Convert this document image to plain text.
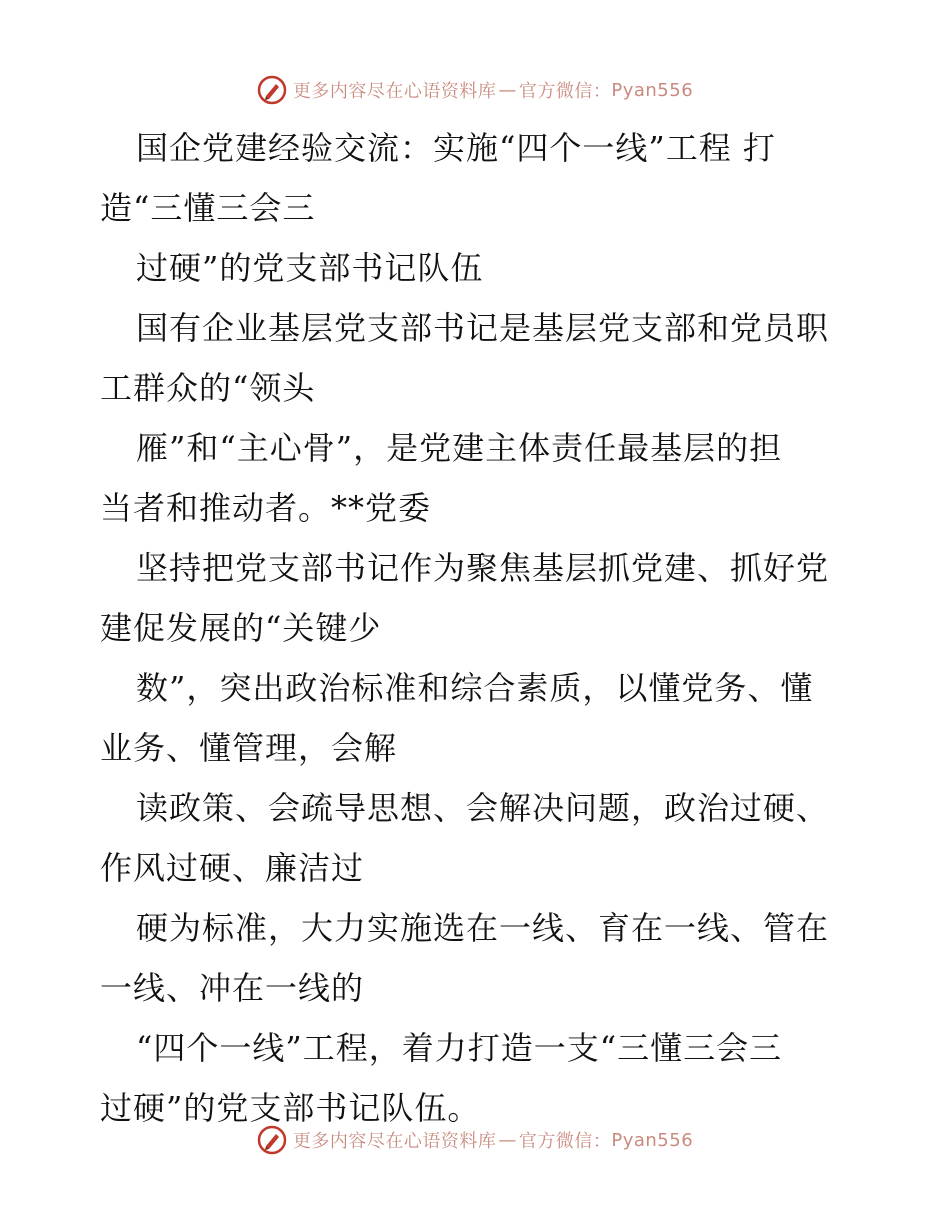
更多内容尽在心语资料库 — 官方微信： Pyan556
国企党建经验交流：实施“四个一线”工程 打
造“三懂三会三
过硬”的党支部书记队伍
国有企业基层党支部书记是基层党支部和党员职
工群众的“领头
雁”和“主心骨”，是党建主体责任最基层的担
当者和推动者。**党委
坚持把党支部书记作为聚焦基层抓党建、抓好党
建促发展的“关键少
数”，突出政治标准和综合素质，以懂党务、懂
业务、懂管理，会解
读政策、会疏导思想、会解决问题，政治过硬、
作风过硬、廉洁过
硬为标准，大力实施选在一线、育在一线、管在
一线、冲在一线的
“四个一线”工程，着力打造一支“三懂三会三
过硬”的党支部书记队伍。
更多内容尽在心语资料库 — 官方微信： Pyan556
